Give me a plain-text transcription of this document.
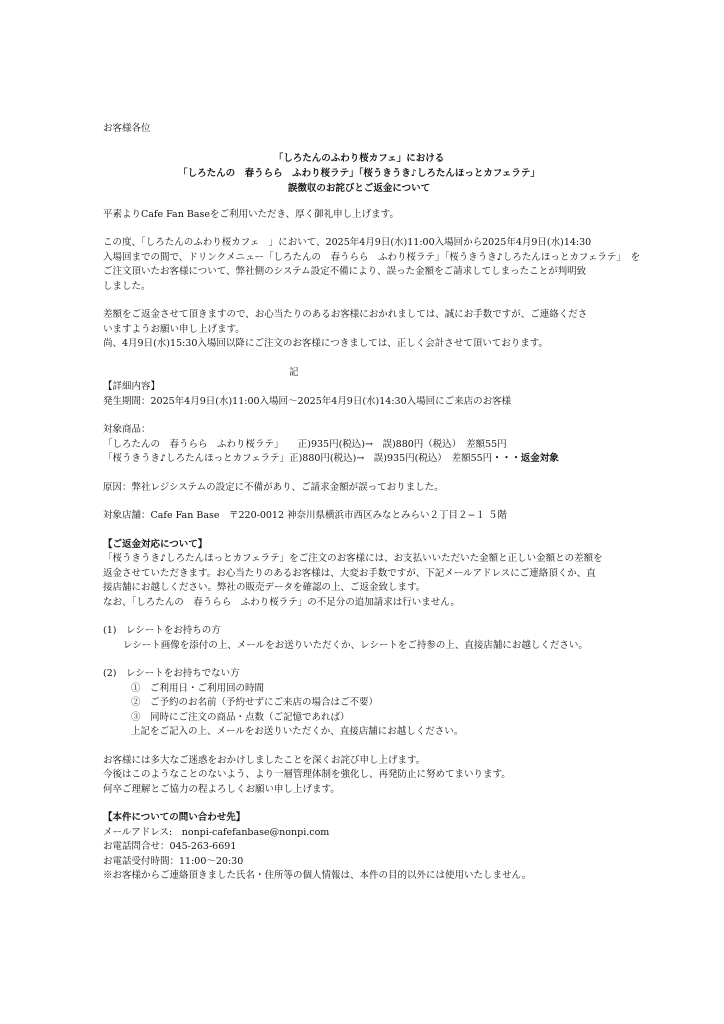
お客様各位
「しろたんのふわり桜カフェ」における
「しろたんの　春うらら　ふわり桜ラテ」「桜うきうき♪しろたんほっとカフェラテ」
誤徴収のお詫びとご返金について
平素よりCafe Fan Baseをご利用いただき、厚く御礼申し上げます。
この度、「しろたんのふわり桜カフェ　」において、2025年4月9日(水)11:00入場回から2025年4月9日(水)14:30
入場回までの間で、ドリンクメニュー「しろたんの　春うらら　ふわり桜ラテ」「桜うきうき♪しろたんほっとカフェラテ」　を
ご注文頂いたお客様について、弊社側のシステム設定不備により、誤った金額をご請求してしまったことが判明致
しました。
差額をご返金させて頂きますので、お心当たりのあるお客様におかれましては、誠にお手数ですが、ご連絡くださ
いますようお願い申し上げます。
尚、4月9日(水)15:30入場回以降にご注文のお客様につきましては、正しく会計させて頂いております。
記
【詳細内容】
発生期間：2025年4月9日(水)11:00入場回〜2025年4月9日(水)14:30入場回にご来店のお客様
対象商品：
「しろたんの　春うらら　ふわり桜ラテ」　　正)935円(税込)→　誤)880円（税込）　差額55円
「桜うきうき♪しろたんほっとカフェラテ」正)880円(税込)→　誤)935円(税込）　差額55円・・・返金対象
原因：弊社レジシステムの設定に不備があり、ご請求金額が誤っておりました。
対象店舗：Cafe Fan Base　〒220-0012 神奈川県横浜市西区みなとみらい２丁目２−１ ５階
【ご返金対応について】
「桜うきうき♪しろたんほっとカフェラテ」をご注文のお客様には、お支払いいただいた金額と正しい金額との差額を
返金させていただきます。お心当たりのあるお客様は、大変お手数ですが、下記メールアドレスにご連絡頂くか、直
接店舗にお越しください。弊社の販売データを確認の上、ご返金致します。
なお、「しろたんの　春うらら　ふわり桜ラテ」の不足分の追加請求は行いません。
(1)　レシートをお持ちの方
レシート画像を添付の上、メールをお送りいただくか、レシートをご持参の上、直接店舗にお越しください。
(2)　レシートをお持ちでない方
①　ご利用日・ご利用回の時間
②　ご予約のお名前（予約せずにご来店の場合はご不要）
③　同時にご注文の商品・点数（ご記憶であれば）
上記をご記入の上、メールをお送りいただくか、直接店舗にお越しください。
お客様には多大なご迷惑をおかけしましたことを深くお詫び申し上げます。
今後はこのようなことのないよう、より一層管理体制を強化し、再発防止に努めてまいります。
何卒ご理解とご協力の程よろしくお願い申し上げます。
【本件についての問い合わせ先】
メールアドレス:　nonpi-cafefanbase@nonpi.com
お電話問合せ：045-263-6691
お電話受付時間：11:00〜20:30
※お客様からご連絡頂きました氏名・住所等の個人情報は、本件の目的以外には使用いたしません。
